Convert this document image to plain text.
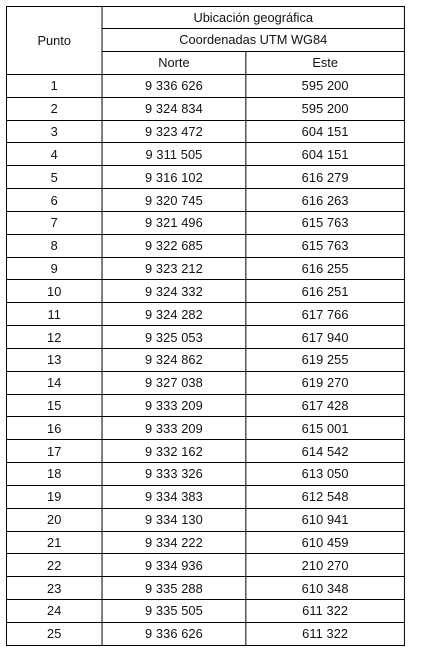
Punto	Ubicación geográfica	
	Coordenadas UTM WG84	
	Norte	Este
1	9 336 626	595 200
2	9 324 834	595 200
3	9 323 472	604 151
4	9 311 505	604 151
5	9 316 102	616 279
6	9 320 745	616 263
7	9 321 496	615 763
8	9 322 685	615 763
9	9 323 212	616 255
10	9 324 332	616 251
11	9 324 282	617 766
12	9 325 053	617 940
13	9 324 862	619 255
14	9 327 038	619 270
15	9 333 209	617 428
16	9 333 209	615 001
17	9 332 162	614 542
18	9 333 326	613 050
19	9 334 383	612 548
20	9 334 130	610 941
21	9 334 222	610 459
22	9 334 936	210 270
23	9 335 288	610 348
24	9 335 505	611 322
25	9 336 626	611 322
